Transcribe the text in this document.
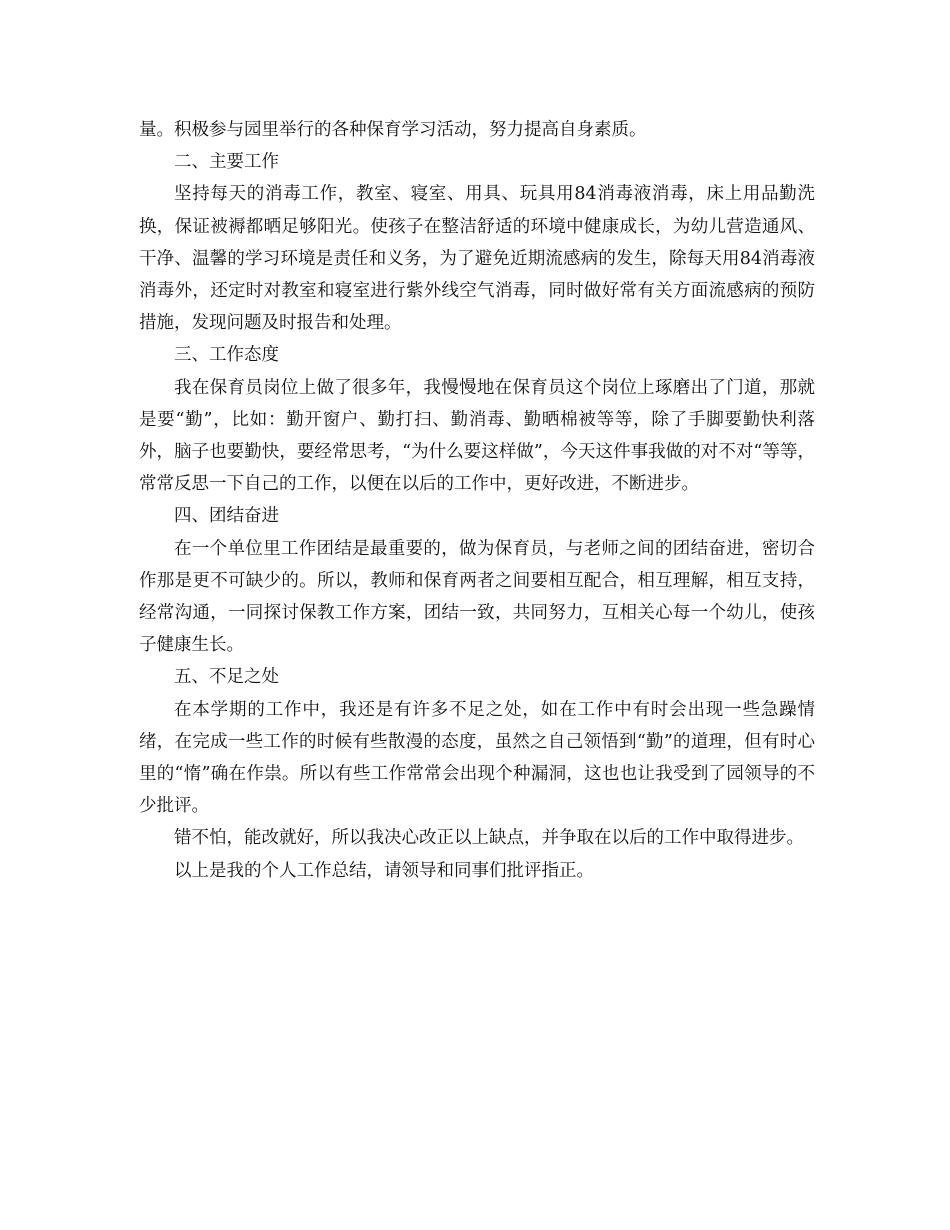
量。积极参与园里举行的各种保育学习活动，努力提高自身素质。

二、主要工作

坚持每天的消毒工作，教室、寝室、用具、玩具用84消毒液消毒，床上用品勤洗换，保证被褥都晒足够阳光。使孩子在整洁舒适的环境中健康成长，为幼儿营造通风、干净、温馨的学习环境是责任和义务，为了避免近期流感病的发生，除每天用84消毒液消毒外，还定时对教室和寝室进行紫外线空气消毒，同时做好常有关方面流感病的预防措施，发现问题及时报告和处理。

三、工作态度

我在保育员岗位上做了很多年，我慢慢地在保育员这个岗位上琢磨出了门道，那就是要“勤”，比如：勤开窗户、勤打扫、勤消毒、勤晒棉被等等，除了手脚要勤快利落外，脑子也要勤快，要经常思考，“为什么要这样做”，今天这件事我做的对不对“等等，常常反思一下自己的工作，以便在以后的工作中，更好改进，不断进步。

四、团结奋进

在一个单位里工作团结是最重要的，做为保育员，与老师之间的团结奋进，密切合作那是更不可缺少的。所以，教师和保育两者之间要相互配合，相互理解，相互支持，经常沟通，一同探讨保教工作方案，团结一致，共同努力，互相关心每一个幼儿，使孩子健康生长。

五、不足之处

在本学期的工作中，我还是有许多不足之处，如在工作中有时会出现一些急躁情绪，在完成一些工作的时候有些散漫的态度，虽然之自己领悟到“勤”的道理，但有时心里的“惰”确在作祟。所以有些工作常常会出现个种漏洞，这也也让我受到了园领导的不少批评。

错不怕，能改就好，所以我决心改正以上缺点，并争取在以后的工作中取得进步。

以上是我的个人工作总结，请领导和同事们批评指正。
